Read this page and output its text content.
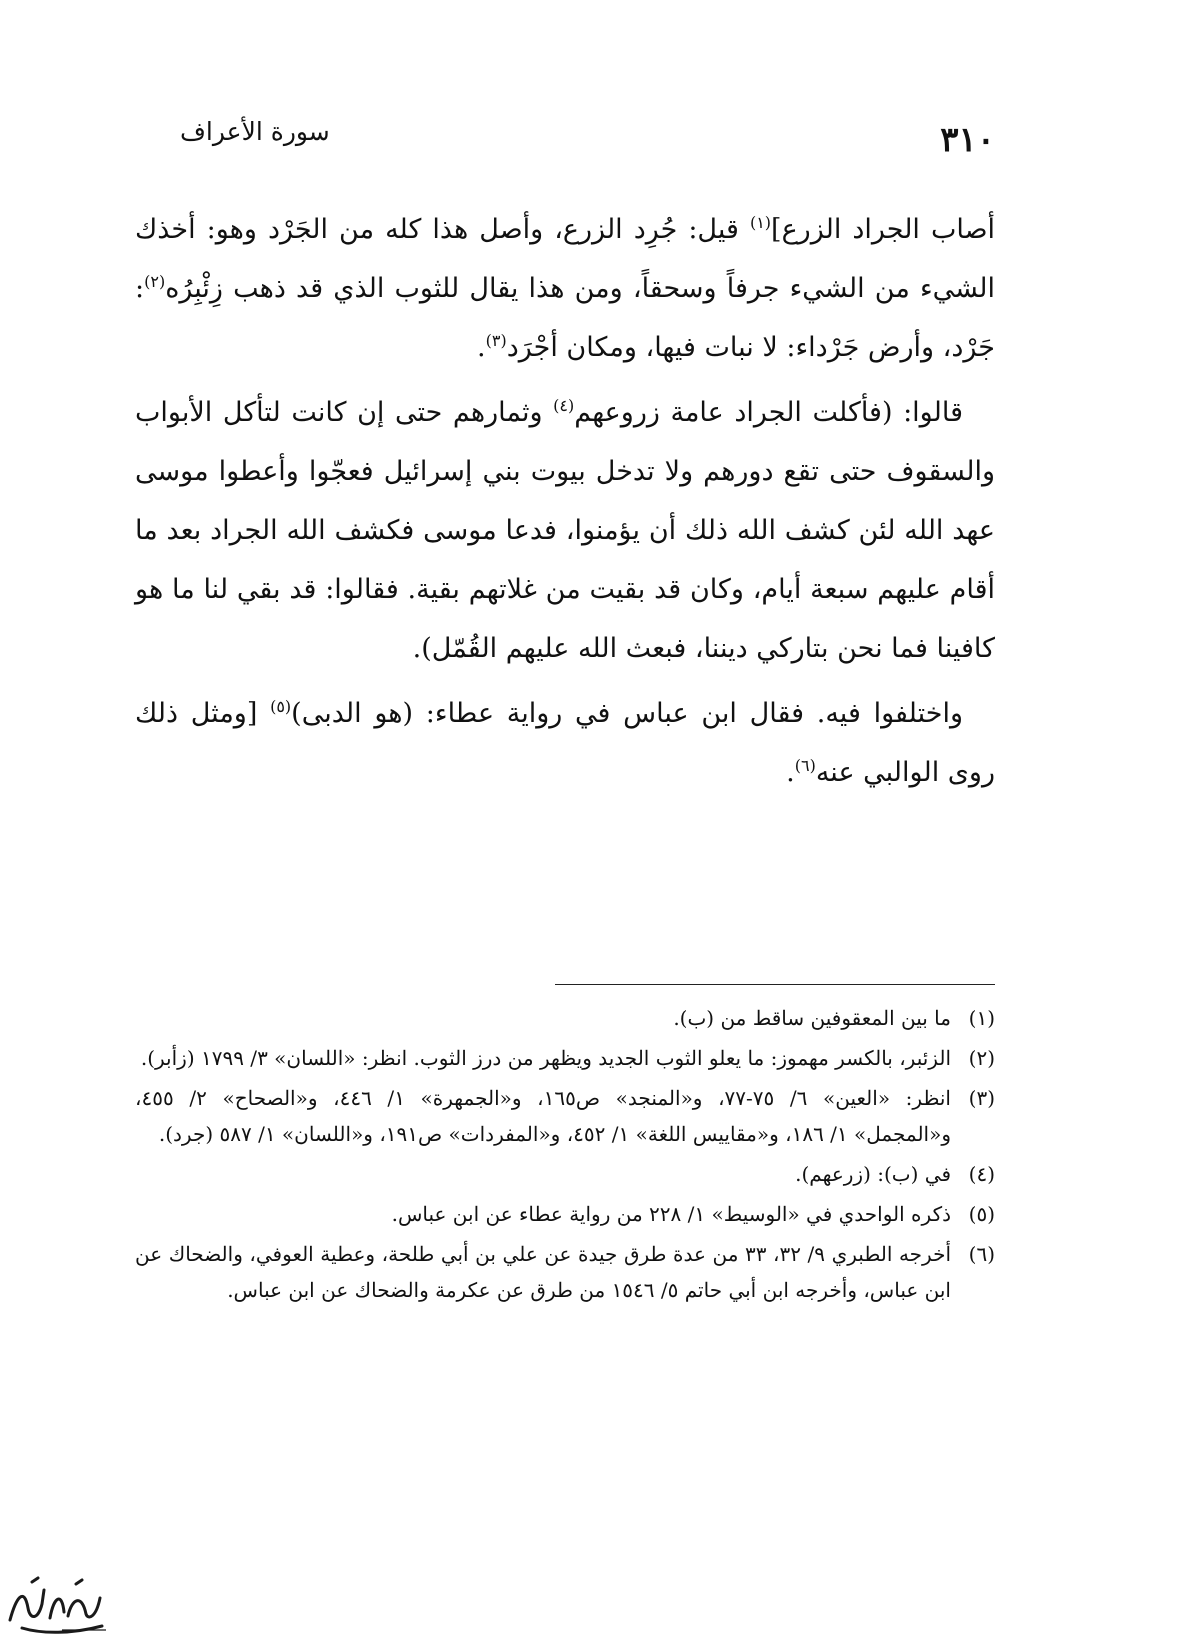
٣١٠
سورة الأعراف

أصاب الجراد الزرع]$^{(١)}$ قيل: جُرِد الزرع، وأصل هذا كله من الجَرْد وهو: أخذك الشيء من الشيء جرفاً وسحقاً، ومن هذا يقال للثوب الذي قد ذهب زِئْبِرُه$^{(٢)}$: جَرْد، وأرض جَرْداء: لا نبات فيها، ومكان أجْرَد$^{(٣)}$.

قالوا: (فأكلت الجراد عامة زروعهم$^{(٤)}$ وثمارهم حتى إن كانت لتأكل الأبواب والسقوف حتى تقع دورهم ولا تدخل بيوت بني إسرائيل فعجّوا وأعطوا موسى عهد الله لئن كشف الله ذلك أن يؤمنوا، فدعا موسى فكشف الله الجراد بعد ما أقام عليهم سبعة أيام، وكان قد بقيت من غلاتهم بقية. فقالوا: قد بقي لنا ما هو كافينا فما نحن بتاركي ديننا، فبعث الله عليهم القُمّل).

واختلفوا فيه. فقال ابن عباس في رواية عطاء: (هو الدبى)$^{(٥)}$ [ومثل ذلك روى الوالبي عنه$^{(٦)}$.

(١)
ما بين المعقوفين ساقط من (ب).
(٢)
الزئبر، بالكسر مهموز: ما يعلو الثوب الجديد ويظهر من درز الثوب. انظر: «اللسان» ٣/ ١٧٩٩ (زأبر).
(٣)
انظر: «العين» ٦/ ٧٥-٧٧، و«المنجد» ص١٦٥، و«الجمهرة» ١/ ٤٤٦، و«الصحاح» ٢/ ٤٥٥، و«المجمل» ١/ ١٨٦، و«مقاييس اللغة» ١/ ٤٥٢، و«المفردات» ص١٩١، و«اللسان» ١/ ٥٨٧ (جرد).
(٤)
في (ب): (زرعهم).
(٥)
ذكره الواحدي في «الوسيط» ١/ ٢٢٨ من رواية عطاء عن ابن عباس.
(٦)
أخرجه الطبري ٩/ ٣٢، ٣٣ من عدة طرق جيدة عن علي بن أبي طلحة، وعطية العوفي، والضحاك عن ابن عباس، وأخرجه ابن أبي حاتم ٥/ ١٥٤٦ من طرق عن عكرمة والضحاك عن ابن عباس.
